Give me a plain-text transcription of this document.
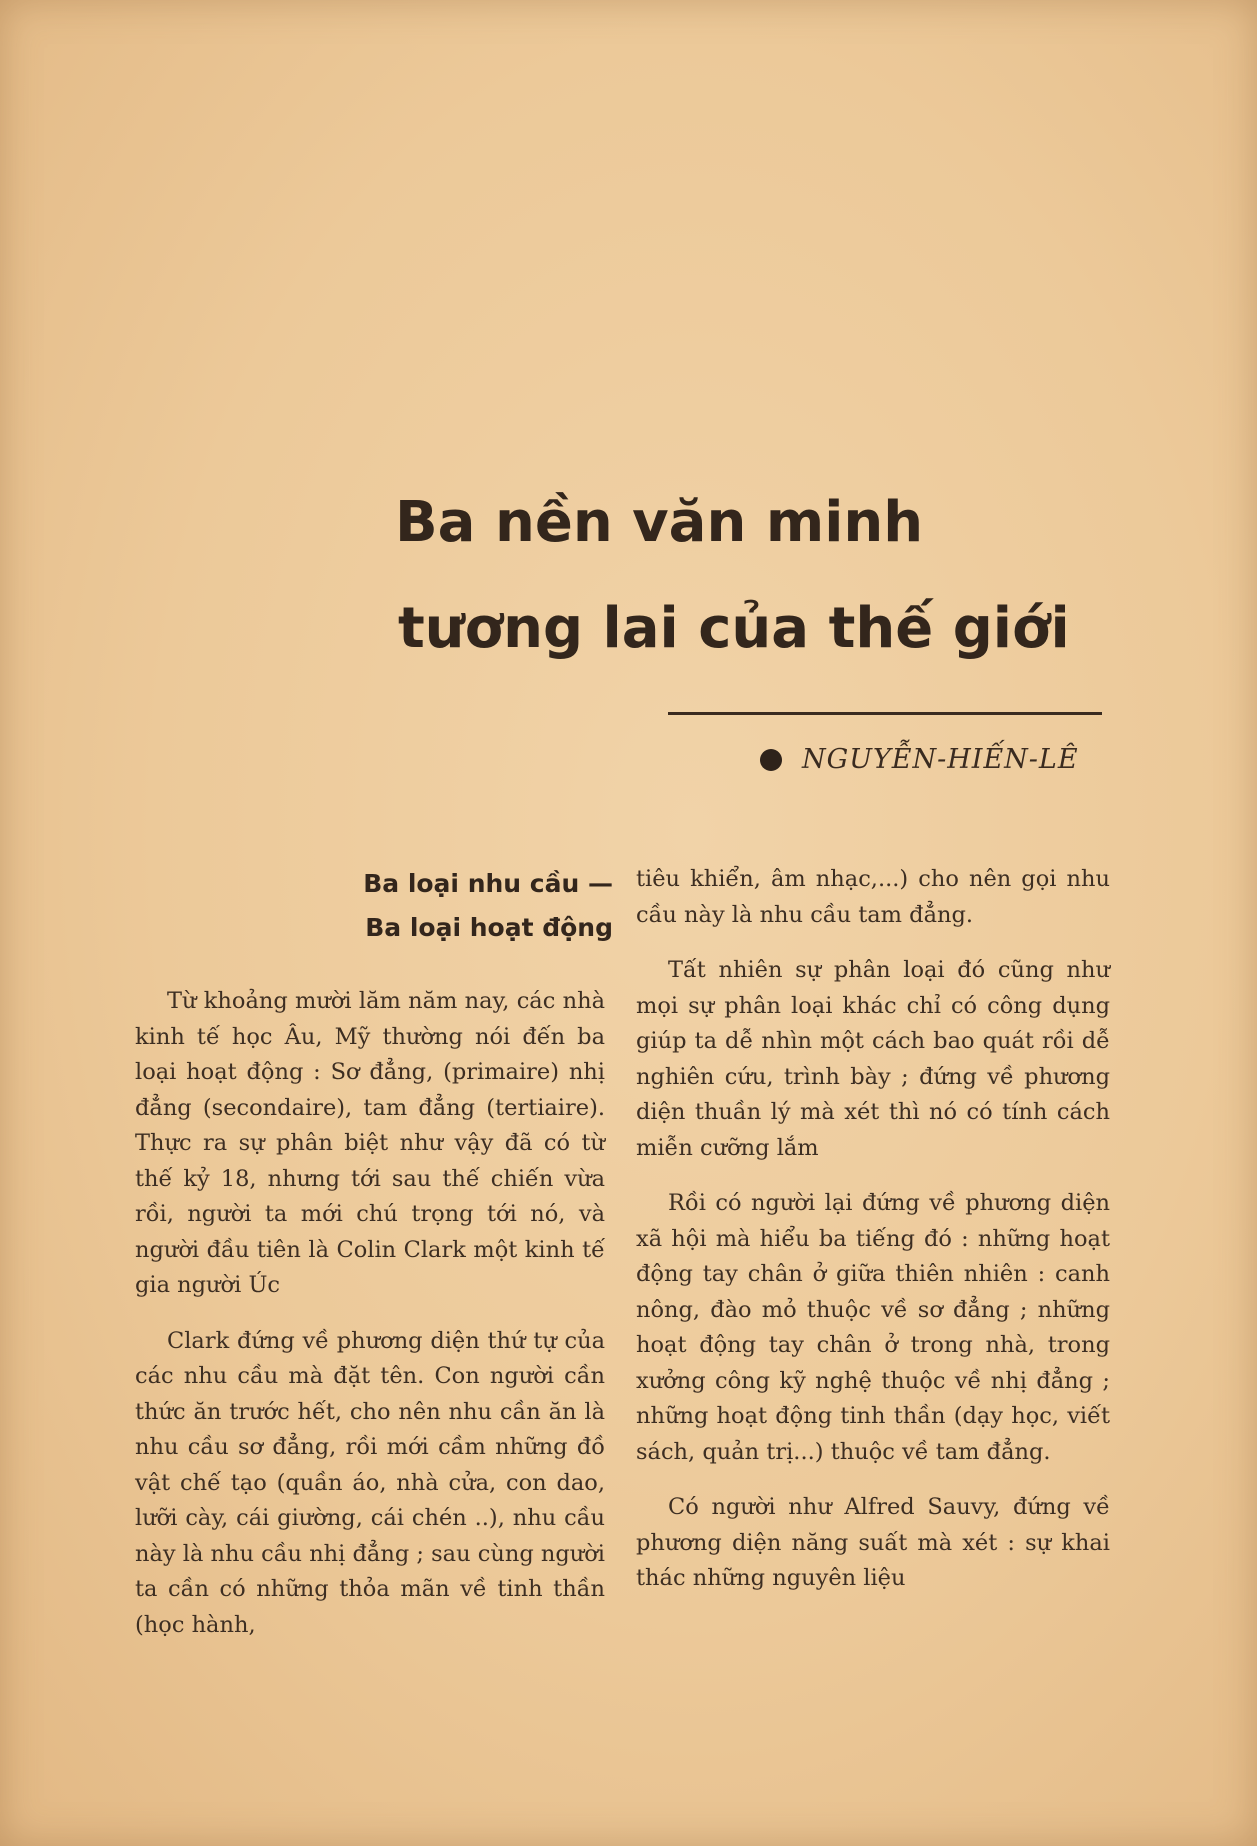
Ba nền văn minh
tương lai của thế giới
NGUYỄN-HIẾN-LÊ
Ba loại nhu cầu —
Ba loại hoạt động

Từ khoảng mười lăm năm nay, các nhà kinh tế học Âu, Mỹ thường nói đến ba loại hoạt động : Sơ đẳng, (primaire) nhị đẳng (secondaire), tam đẳng (tertiaire). Thực ra sự phân biệt như vậy đã có từ thế kỷ 18, nhưng tới sau thế chiến vừa rồi, người ta mới chú trọng tới nó, và người đầu tiên là Colin Clark một kinh tế gia người Úc

Clark đứng về phương diện thứ tự của các nhu cầu mà đặt tên. Con người cần thức ăn trước hết, cho nên nhu cần ăn là nhu cầu sơ đẳng, rồi mới cầm những đồ vật chế tạo (quần áo, nhà cửa, con dao, lưỡi cày, cái giường, cái chén ..), nhu cầu này là nhu cầu nhị đẳng ; sau cùng người ta cần có những thỏa mãn về tinh thần (học hành,

tiêu khiển, âm nhạc,...) cho nên gọi nhu cầu này là nhu cầu tam đẳng.

Tất nhiên sự phân loại đó cũng như mọi sự phân loại khác chỉ có công dụng giúp ta dễ nhìn một cách bao quát rồi dễ nghiên cứu, trình bày ; đứng về phương diện thuần lý mà xét thì nó có tính cách miễn cưỡng lắm

Rồi có người lại đứng về phương diện xã hội mà hiểu ba tiếng đó : những hoạt động tay chân ở giữa thiên nhiên : canh nông, đào mỏ thuộc về sơ đẳng ; những hoạt động tay chân ở trong nhà, trong xưởng công kỹ nghệ thuộc về nhị đẳng ; những hoạt động tinh thần (dạy học, viết sách, quản trị...) thuộc về tam đẳng.

Có người như Alfred Sauvy, đứng về phương diện năng suất mà xét : sự khai thác những nguyên liệu
